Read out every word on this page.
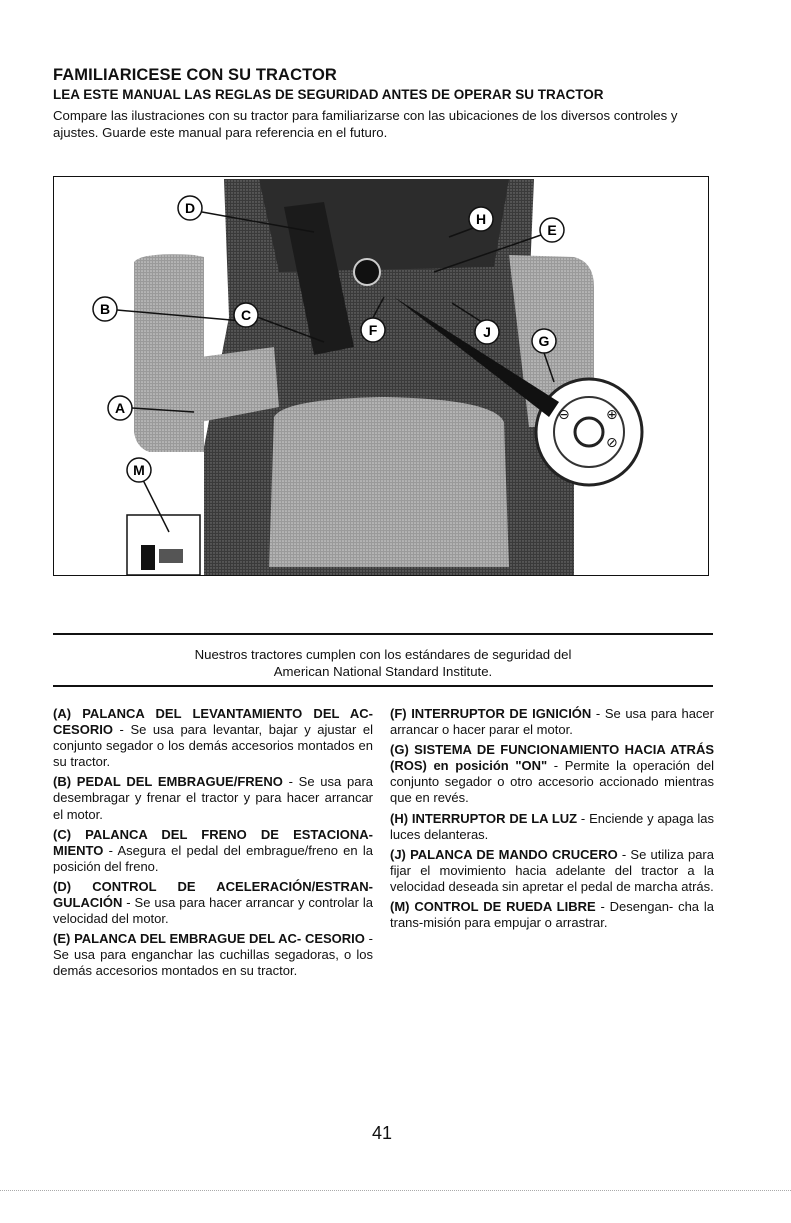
FAMILIARICESE CON SU TRACTOR
LEA ESTE MANUAL LAS REGLAS DE SEGURIDAD ANTES DE OPERAR SU TRACTOR
Compare las ilustraciones con su tractor para familiarizarse con las ubicaciones de los diversos controles y ajustes. Guarde este manual para referencia en el futuro.
⊖	⊕
⊘
D
H
E
B	C
F	J
G
A
M
Nuestros tractores cumplen con los estándares de seguridad del
American National Standard Institute.

(A) PALANCA DEL LEVANTAMIENTO DEL AC- CESORIO - Se usa para levantar, bajar y ajustar el conjunto segador o los demás accesorios montados en su tractor.

(B) PEDAL DEL EMBRAGUE/FRENO - Se usa para desembragar y frenar el tractor y para hacer arrancar el motor.

(C) PALANCA DEL FRENO DE ESTACIONA- MIENTO - Asegura el pedal del embrague/freno en la posición del freno.

(D) CONTROL DE ACELERACIÓN/ESTRAN- GULACIÓN - Se usa para hacer arrancar y controlar la velocidad del motor.

(E) PALANCA DEL EMBRAGUE DEL AC- CESORIO - Se usa para enganchar las cuchillas segadoras, o los demás accesorios montados en su tractor.

(F) INTERRUPTOR DE IGNICIÓN - Se usa para hacer arrancar o hacer parar el motor.

(G) SISTEMA DE FUNCIONAMIENTO HACIA ATRÁS (ROS) en posición "ON" - Permite la operación del conjunto segador o otro accesorio accionado mientras que en revés.

(H) INTERRUPTOR DE LA LUZ - Enciende y apaga las luces delanteras.

(J) PALANCA DE MANDO CRUCERO - Se utiliza para fijar el movimiento hacia adelante del tractor a la velocidad deseada sin apretar el pedal de marcha atrás.

(M) CONTROL DE RUEDA LIBRE - Desengan- cha la trans-misión para empujar o arrastrar.

41
